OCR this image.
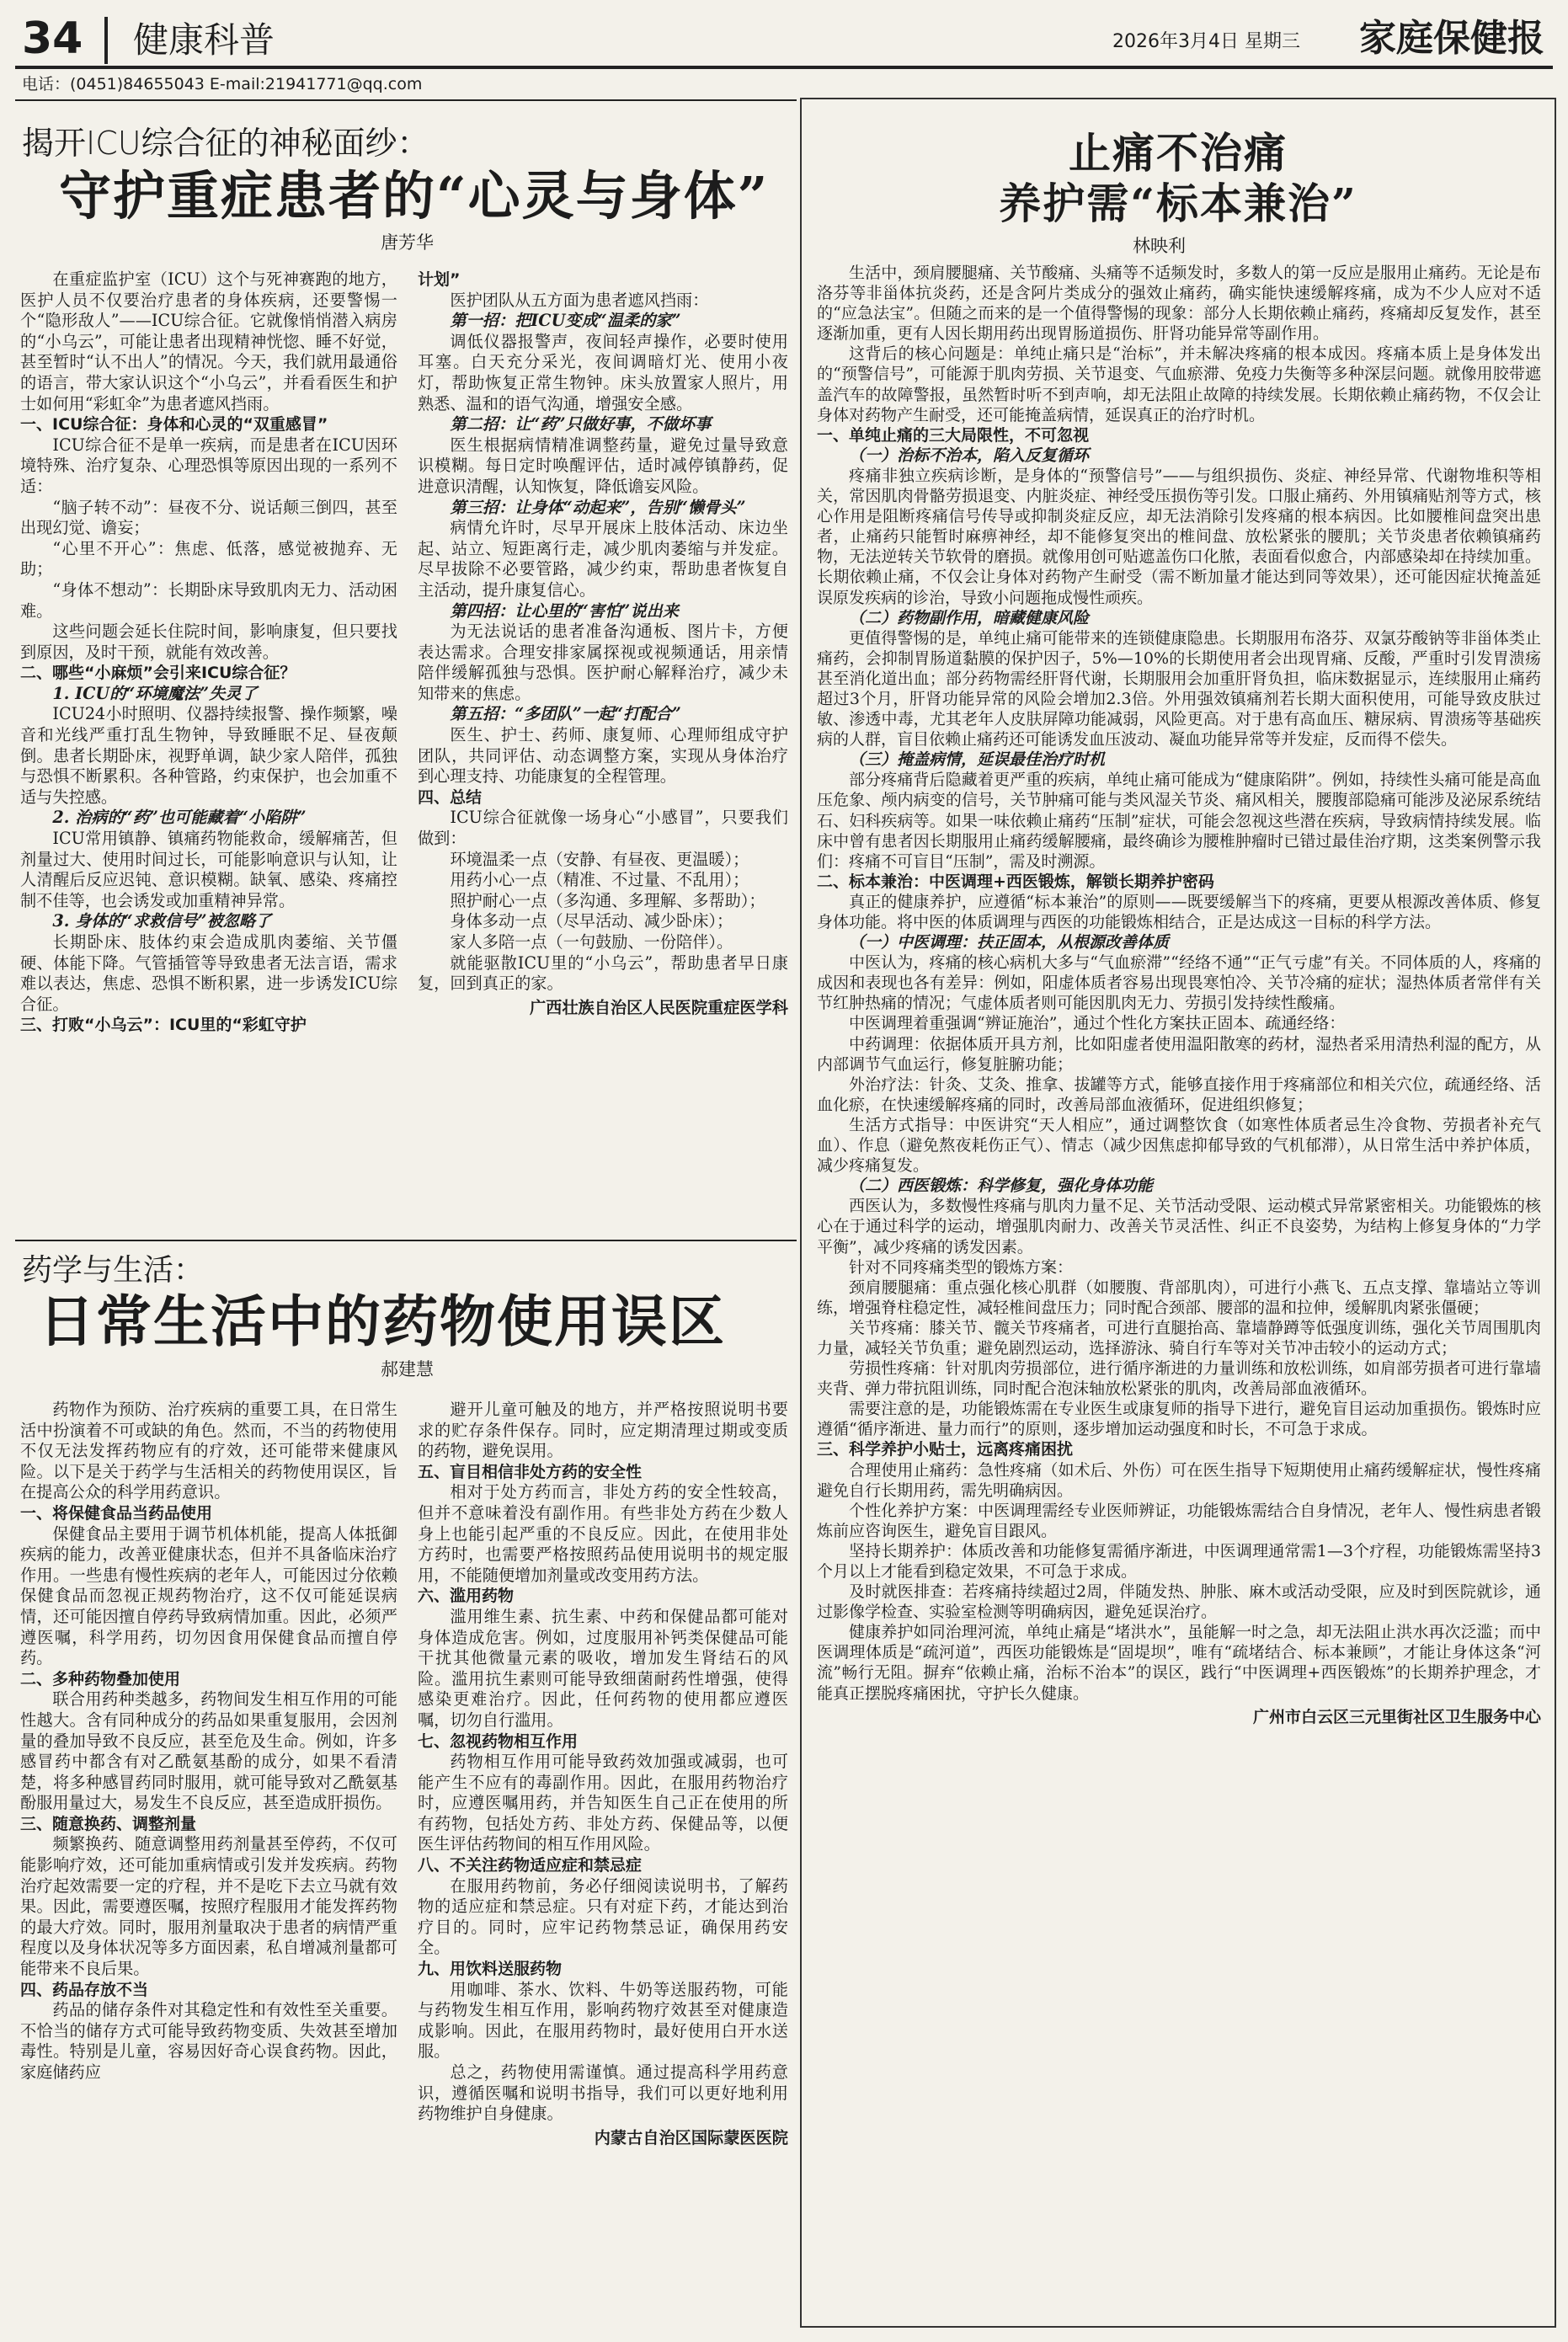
34 健康科普	2026年3月4日 星期三 家庭保健报
电话：(0451)84655043 E-mail:21941771@qq.com
揭开ICU综合征的神秘面纱：
守护重症患者的“心灵与身体”
唐芳华

在重症监护室（ICU）这个与死神赛跑的地方，医护人员不仅要治疗患者的身体疾病，还要警惕一个“隐形敌人”——ICU综合征。它就像悄悄潜入病房的“小乌云”，可能让患者出现精神恍惚、睡不好觉，甚至暂时“认不出人”的情况。今天，我们就用最通俗的语言，带大家认识这个“小乌云”，并看看医生和护士如何用“彩虹伞”为患者遮风挡雨。

一、ICU综合征：身体和心灵的“双重感冒”

ICU综合征不是单一疾病，而是患者在ICU因环境特殊、治疗复杂、心理恐惧等原因出现的一系列不适：

“脑子转不动”：昼夜不分、说话颠三倒四，甚至出现幻觉、谵妄；

“心里不开心”：焦虑、低落，感觉被抛弃、无助；

“身体不想动”：长期卧床导致肌肉无力、活动困难。

这些问题会延长住院时间，影响康复，但只要找到原因，及时干预，就能有效改善。

二、哪些“小麻烦”会引来ICU综合征？

1. ICU的“环境魔法”失灵了

ICU24小时照明、仪器持续报警、操作频繁，噪音和光线严重打乱生物钟，导致睡眠不足、昼夜颠倒。患者长期卧床，视野单调，缺少家人陪伴，孤独与恐惧不断累积。各种管路，约束保护，也会加重不适与失控感。

2. 治病的“药”也可能藏着“小陷阱”

ICU常用镇静、镇痛药物能救命，缓解痛苦，但剂量过大、使用时间过长，可能影响意识与认知，让人清醒后反应迟钝、意识模糊。缺氧、感染、疼痛控制不佳等，也会诱发或加重精神异常。

3. 身体的“求救信号”被忽略了

长期卧床、肢体约束会造成肌肉萎缩、关节僵硬、体能下降。气管插管等导致患者无法言语，需求难以表达，焦虑、恐惧不断积累，进一步诱发ICU综合征。

三、打败“小乌云”：ICU里的“彩虹守护

计划”

医护团队从五方面为患者遮风挡雨：

第一招：把ICU变成“温柔的家”

调低仪器报警声，夜间轻声操作，必要时使用耳塞。白天充分采光，夜间调暗灯光、使用小夜灯，帮助恢复正常生物钟。床头放置家人照片，用熟悉、温和的语气沟通，增强安全感。

第二招：让“药”只做好事，不做坏事

医生根据病情精准调整药量，避免过量导致意识模糊。每日定时唤醒评估，适时减停镇静药，促进意识清醒，认知恢复，降低谵妄风险。

第三招：让身体“动起来”，告别“懒骨头”

病情允许时，尽早开展床上肢体活动、床边坐起、站立、短距离行走，减少肌肉萎缩与并发症。尽早拔除不必要管路，减少约束，帮助患者恢复自主活动，提升康复信心。

第四招：让心里的“害怕”说出来

为无法说话的患者准备沟通板、图片卡，方便表达需求。合理安排家属探视或视频通话，用亲情陪伴缓解孤独与恐惧。医护耐心解释治疗，减少未知带来的焦虑。

第五招：“多团队”一起“打配合”

医生、护士、药师、康复师、心理师组成守护团队，共同评估、动态调整方案，实现从身体治疗到心理支持、功能康复的全程管理。

四、总结

ICU综合征就像一场身心“小感冒”，只要我们做到：

环境温柔一点（安静、有昼夜、更温暖）；

用药小心一点（精准、不过量、不乱用）；

照护耐心一点（多沟通、多理解、多帮助）；

身体多动一点（尽早活动、减少卧床）；

家人多陪一点（一句鼓励、一份陪伴）。

就能驱散ICU里的“小乌云”，帮助患者早日康复，回到真正的家。

广西壮族自治区人民医院重症医学科

药学与生活：
日常生活中的药物使用误区
郝建慧

药物作为预防、治疗疾病的重要工具，在日常生活中扮演着不可或缺的角色。然而，不当的药物使用不仅无法发挥药物应有的疗效，还可能带来健康风险。以下是关于药学与生活相关的药物使用误区，旨在提高公众的科学用药意识。

一、将保健食品当药品使用

保健食品主要用于调节机体机能，提高人体抵御疾病的能力，改善亚健康状态，但并不具备临床治疗作用。一些患有慢性疾病的老年人，可能因过分依赖保健食品而忽视正规药物治疗，这不仅可能延误病情，还可能因擅自停药导致病情加重。因此，必须严遵医嘱，科学用药，切勿因食用保健食品而擅自停药。

二、多种药物叠加使用

联合用药种类越多，药物间发生相互作用的可能性越大。含有同种成分的药品如果重复服用，会因剂量的叠加导致不良反应，甚至危及生命。例如，许多感冒药中都含有对乙酰氨基酚的成分，如果不看清楚，将多种感冒药同时服用，就可能导致对乙酰氨基酚服用量过大，易发生不良反应，甚至造成肝损伤。

三、随意换药、调整剂量

频繁换药、随意调整用药剂量甚至停药，不仅可能影响疗效，还可能加重病情或引发并发疾病。药物治疗起效需要一定的疗程，并不是吃下去立马就有效果。因此，需要遵医嘱，按照疗程服用才能发挥药物的最大疗效。同时，服用剂量取决于患者的病情严重程度以及身体状况等多方面因素，私自增减剂量都可能带来不良后果。

四、药品存放不当

药品的储存条件对其稳定性和有效性至关重要。不恰当的储存方式可能导致药物变质、失效甚至增加毒性。特别是儿童，容易因好奇心误食药物。因此，家庭储药应

避开儿童可触及的地方，并严格按照说明书要求的贮存条件保存。同时，应定期清理过期或变质的药物，避免误用。

五、盲目相信非处方药的安全性

相对于处方药而言，非处方药的安全性较高，但并不意味着没有副作用。有些非处方药在少数人身上也能引起严重的不良反应。因此，在使用非处方药时，也需要严格按照药品使用说明书的规定服用，不能随便增加剂量或改变用药方法。

六、滥用药物

滥用维生素、抗生素、中药和保健品都可能对身体造成危害。例如，过度服用补钙类保健品可能干扰其他微量元素的吸收，增加发生肾结石的风险。滥用抗生素则可能导致细菌耐药性增强，使得感染更难治疗。因此，任何药物的使用都应遵医嘱，切勿自行滥用。

七、忽视药物相互作用

药物相互作用可能导致药效加强或减弱，也可能产生不应有的毒副作用。因此，在服用药物治疗时，应遵医嘱用药，并告知医生自己正在使用的所有药物，包括处方药、非处方药、保健品等，以便医生评估药物间的相互作用风险。

八、不关注药物适应症和禁忌症

在服用药物前，务必仔细阅读说明书，了解药物的适应症和禁忌症。只有对症下药，才能达到治疗目的。同时，应牢记药物禁忌证，确保用药安全。

九、用饮料送服药物

用咖啡、茶水、饮料、牛奶等送服药物，可能与药物发生相互作用，影响药物疗效甚至对健康造成影响。因此，在服用药物时，最好使用白开水送服。

总之，药物使用需谨慎。通过提高科学用药意识，遵循医嘱和说明书指导，我们可以更好地利用药物维护自身健康。

内蒙古自治区国际蒙医医院

止痛不治痛
养护需“标本兼治”
林映利

生活中，颈肩腰腿痛、关节酸痛、头痛等不适频发时，多数人的第一反应是服用止痛药。无论是布洛芬等非甾体抗炎药，还是含阿片类成分的强效止痛药，确实能快速缓解疼痛，成为不少人应对不适的“应急法宝”。但随之而来的是一个值得警惕的现象：部分人长期依赖止痛药，疼痛却反复发作，甚至逐渐加重，更有人因长期用药出现胃肠道损伤、肝肾功能异常等副作用。

这背后的核心问题是：单纯止痛只是“治标”，并未解决疼痛的根本成因。疼痛本质上是身体发出的“预警信号”，可能源于肌肉劳损、关节退变、气血瘀滞、免疫力失衡等多种深层问题。就像用胶带遮盖汽车的故障警报，虽然暂时听不到声响，却无法阻止故障的持续发展。长期依赖止痛药物，不仅会让身体对药物产生耐受，还可能掩盖病情，延误真正的治疗时机。

一、单纯止痛的三大局限性，不可忽视

（一）治标不治本，陷入反复循环

疼痛非独立疾病诊断，是身体的“预警信号”——与组织损伤、炎症、神经异常、代谢物堆积等相关，常因肌肉骨骼劳损退变、内脏炎症、神经受压损伤等引发。口服止痛药、外用镇痛贴剂等方式，核心作用是阻断疼痛信号传导或抑制炎症反应，却无法消除引发疼痛的根本病因。比如腰椎间盘突出患者，止痛药只能暂时麻痹神经，却不能修复突出的椎间盘、放松紧张的腰肌；关节炎患者依赖镇痛药物，无法逆转关节软骨的磨损。就像用创可贴遮盖伤口化脓，表面看似愈合，内部感染却在持续加重。长期依赖止痛，不仅会让身体对药物产生耐受（需不断加量才能达到同等效果），还可能因症状掩盖延误原发疾病的诊治，导致小问题拖成慢性顽疾。

（二）药物副作用，暗藏健康风险

更值得警惕的是，单纯止痛可能带来的连锁健康隐患。长期服用布洛芬、双氯芬酸钠等非甾体类止痛药，会抑制胃肠道黏膜的保护因子，5%—10%的长期使用者会出现胃痛、反酸，严重时引发胃溃疡甚至消化道出血；部分药物需经肝肾代谢，长期服用会加重肝肾负担，临床数据显示，连续服用止痛药超过3个月，肝肾功能异常的风险会增加2.3倍。外用强效镇痛剂若长期大面积使用，可能导致皮肤过敏、渗透中毒，尤其老年人皮肤屏障功能减弱，风险更高。对于患有高血压、糖尿病、胃溃疡等基础疾病的人群，盲目依赖止痛药还可能诱发血压波动、凝血功能异常等并发症，反而得不偿失。

（三）掩盖病情，延误最佳治疗时机

部分疼痛背后隐藏着更严重的疾病，单纯止痛可能成为“健康陷阱”。例如，持续性头痛可能是高血压危象、颅内病变的信号，关节肿痛可能与类风湿关节炎、痛风相关，腰腹部隐痛可能涉及泌尿系统结石、妇科疾病等。如果一味依赖止痛药“压制”症状，可能会忽视这些潜在疾病，导致病情持续发展。临床中曾有患者因长期服用止痛药缓解腰痛，最终确诊为腰椎肿瘤时已错过最佳治疗期，这类案例警示我们：疼痛不可盲目“压制”，需及时溯源。

二、标本兼治：中医调理+西医锻炼，解锁长期养护密码

真正的健康养护，应遵循“标本兼治”的原则——既要缓解当下的疼痛，更要从根源改善体质、修复身体功能。将中医的体质调理与西医的功能锻炼相结合，正是达成这一目标的科学方法。

（一）中医调理：扶正固本，从根源改善体质

中医认为，疼痛的核心病机大多与“气血瘀滞”“经络不通”“正气亏虚”有关。不同体质的人，疼痛的成因和表现也各有差异：例如，阳虚体质者容易出现畏寒怕冷、关节冷痛的症状；湿热体质者常伴有关节红肿热痛的情况；气虚体质者则可能因肌肉无力、劳损引发持续性酸痛。

中医调理着重强调“辨证施治”，通过个性化方案扶正固本、疏通经络：

中药调理：依据体质开具方剂，比如阳虚者使用温阳散寒的药材，湿热者采用清热利湿的配方，从内部调节气血运行，修复脏腑功能；

外治疗法：针灸、艾灸、推拿、拔罐等方式，能够直接作用于疼痛部位和相关穴位，疏通经络、活血化瘀，在快速缓解疼痛的同时，改善局部血液循环，促进组织修复；

生活方式指导：中医讲究“天人相应”，通过调整饮食（如寒性体质者忌生冷食物、劳损者补充气血）、作息（避免熬夜耗伤正气）、情志（减少因焦虑抑郁导致的气机郁滞），从日常生活中养护体质，减少疼痛复发。

（二）西医锻炼：科学修复，强化身体功能

西医认为，多数慢性疼痛与肌肉力量不足、关节活动受限、运动模式异常紧密相关。功能锻炼的核心在于通过科学的运动，增强肌肉耐力、改善关节灵活性、纠正不良姿势，为结构上修复身体的“力学平衡”，减少疼痛的诱发因素。

针对不同疼痛类型的锻炼方案：

颈肩腰腿痛：重点强化核心肌群（如腰腹、背部肌肉），可进行小燕飞、五点支撑、靠墙站立等训练，增强脊柱稳定性，减轻椎间盘压力；同时配合颈部、腰部的温和拉伸，缓解肌肉紧张僵硬；

关节疼痛：膝关节、髋关节疼痛者，可进行直腿抬高、靠墙静蹲等低强度训练，强化关节周围肌肉力量，减轻关节负重；避免剧烈运动，选择游泳、骑自行车等对关节冲击较小的运动方式；

劳损性疼痛：针对肌肉劳损部位，进行循序渐进的力量训练和放松训练，如肩部劳损者可进行靠墙夹背、弹力带抗阻训练，同时配合泡沫轴放松紧张的肌肉，改善局部血液循环。

需要注意的是，功能锻炼需在专业医生或康复师的指导下进行，避免盲目运动加重损伤。锻炼时应遵循“循序渐进、量力而行”的原则，逐步增加运动强度和时长，不可急于求成。

三、科学养护小贴士，远离疼痛困扰

合理使用止痛药：急性疼痛（如术后、外伤）可在医生指导下短期使用止痛药缓解症状，慢性疼痛避免自行长期用药，需先明确病因。

个性化养护方案：中医调理需经专业医师辨证，功能锻炼需结合自身情况，老年人、慢性病患者锻炼前应咨询医生，避免盲目跟风。

坚持长期养护：体质改善和功能修复需循序渐进，中医调理通常需1—3个疗程，功能锻炼需坚持3个月以上才能看到稳定效果，不可急于求成。

及时就医排查：若疼痛持续超过2周，伴随发热、肿胀、麻木或活动受限，应及时到医院就诊，通过影像学检查、实验室检测等明确病因，避免延误治疗。

健康养护如同治理河流，单纯止痛是“堵洪水”，虽能解一时之急，却无法阻止洪水再次泛滥；而中医调理体质是“疏河道”，西医功能锻炼是“固堤坝”，唯有“疏堵结合、标本兼顾”，才能让身体这条“河流”畅行无阻。摒弃“依赖止痛，治标不治本”的误区，践行“中医调理+西医锻炼”的长期养护理念，才能真正摆脱疼痛困扰，守护长久健康。

广州市白云区三元里街社区卫生服务中心
